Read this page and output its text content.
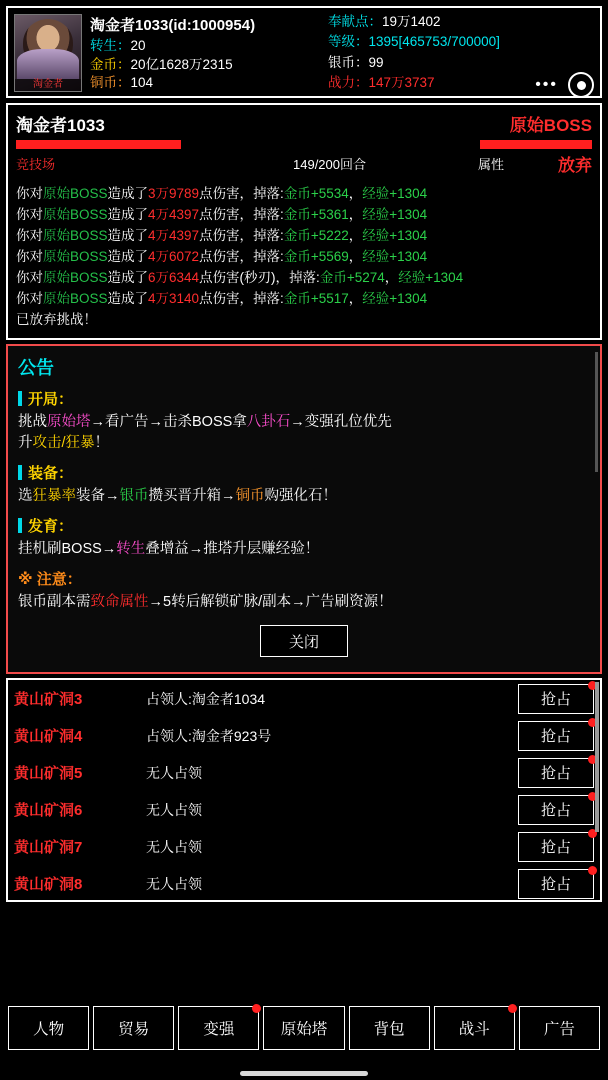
淘金者
淘金者1033(id:1000954)
转生：20
金币：20亿1628万2315
铜币：104
奉献点：19万1402
等级：1395[465753/700000]
银币：99
战力：147万3737	•••
淘金者1033	原始BOSS
竞技场	149/200回合	属性	放弃
你对原始BOSS造成了3万9789点伤害，掉落:金币+5534，经验+1304
你对原始BOSS造成了4万4397点伤害，掉落:金币+5361，经验+1304
你对原始BOSS造成了4万4397点伤害，掉落:金币+5222，经验+1304
你对原始BOSS造成了4万6072点伤害，掉落:金币+5569，经验+1304
你对原始BOSS造成了6万6344点伤害(秒刃)，掉落:金币+5274，经验+1304
你对原始BOSS造成了4万3140点伤害，掉落:金币+5517，经验+1304
已放弃挑战！
公告
开局：
挑战原始塔→看广告→击杀BOSS拿八卦石→变强孔位优先
升攻击/狂暴！
装备：
选狂暴率装备→银币攒买晋升箱→铜币购强化石！
发育：
挂机刷BOSS→转生叠增益→推塔升层赚经验！
※ 注意：
银币副本需致命属性→5转后解锁矿脉/副本→广告刷资源！
关闭
黄山矿洞3	占领人:淘金者1034	抢占
黄山矿洞4	占领人:淘金者923号	抢占
黄山矿洞5	无人占领	抢占
黄山矿洞6	无人占领	抢占
黄山矿洞7	无人占领	抢占
黄山矿洞8	无人占领	抢占
人物	贸易	变强	原始塔	背包	战斗	广告
